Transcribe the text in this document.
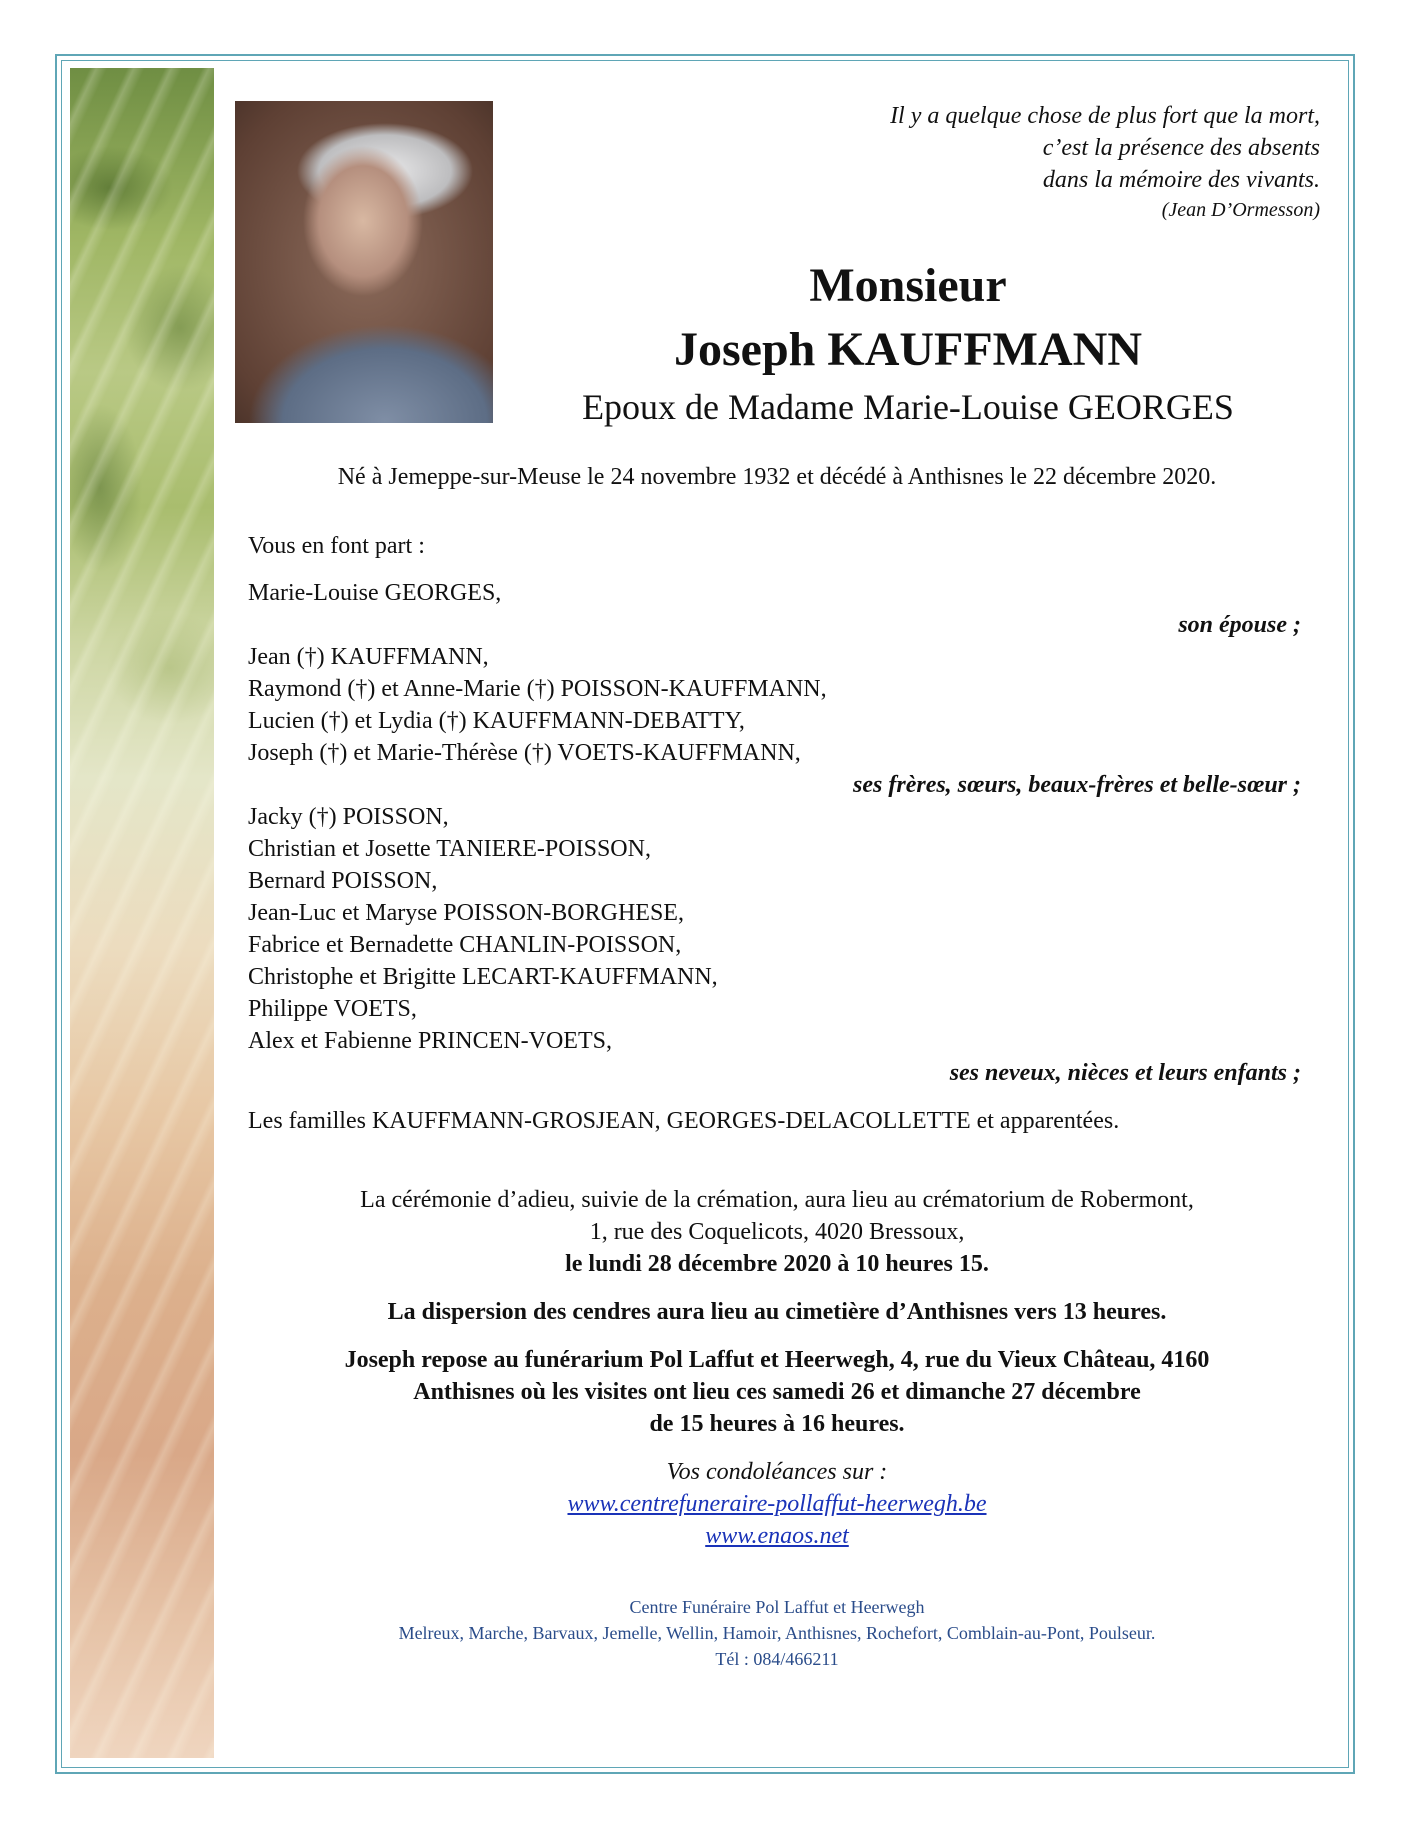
Il y a quelque chose de plus fort que la mort,
c’est la présence des absents
dans la mémoire des vivants.
(Jean D’Ormesson)
Monsieur
Joseph KAUFFMANN
Epoux de Madame Marie-Louise GEORGES
Né à Jemeppe-sur-Meuse le 24 novembre 1932 et décédé à Anthisnes le 22 décembre 2020.
Vous en font part :
Marie-Louise GEORGES,
son épouse ;
Jean (†) KAUFFMANN,
Raymond (†) et Anne-Marie (†) POISSON-KAUFFMANN,
Lucien (†) et Lydia (†) KAUFFMANN-DEBATTY,
Joseph (†) et Marie-Thérèse (†) VOETS-KAUFFMANN,
ses frères, sœurs, beaux-frères et belle-sœur ;
Jacky (†) POISSON,
Christian et Josette TANIERE-POISSON,
Bernard POISSON,
Jean-Luc et Maryse POISSON-BORGHESE,
Fabrice et Bernadette CHANLIN-POISSON,
Christophe et Brigitte LECART-KAUFFMANN,
Philippe VOETS,
Alex et Fabienne PRINCEN-VOETS,
ses neveux, nièces et leurs enfants ;
Les familles KAUFFMANN-GROSJEAN, GEORGES-DELACOLLETTE et apparentées.
La cérémonie d’adieu, suivie de la crémation, aura lieu au crématorium de Robermont,
1, rue des Coquelicots, 4020 Bressoux,
le lundi 28 décembre 2020 à 10 heures 15.
La dispersion des cendres aura lieu au cimetière d’Anthisnes vers 13 heures.
Joseph repose au funérarium Pol Laffut et Heerwegh, 4, rue du Vieux Château, 4160
Anthisnes où les visites ont lieu ces samedi 26 et dimanche 27 décembre
de 15 heures à 16 heures.
Vos condoléances sur :
www.centrefuneraire-pollaffut-heerwegh.be
www.enaos.net
Centre Funéraire Pol Laffut et Heerwegh
Melreux, Marche, Barvaux, Jemelle, Wellin, Hamoir, Anthisnes, Rochefort, Comblain-au-Pont, Poulseur.
Tél : 084/466211
